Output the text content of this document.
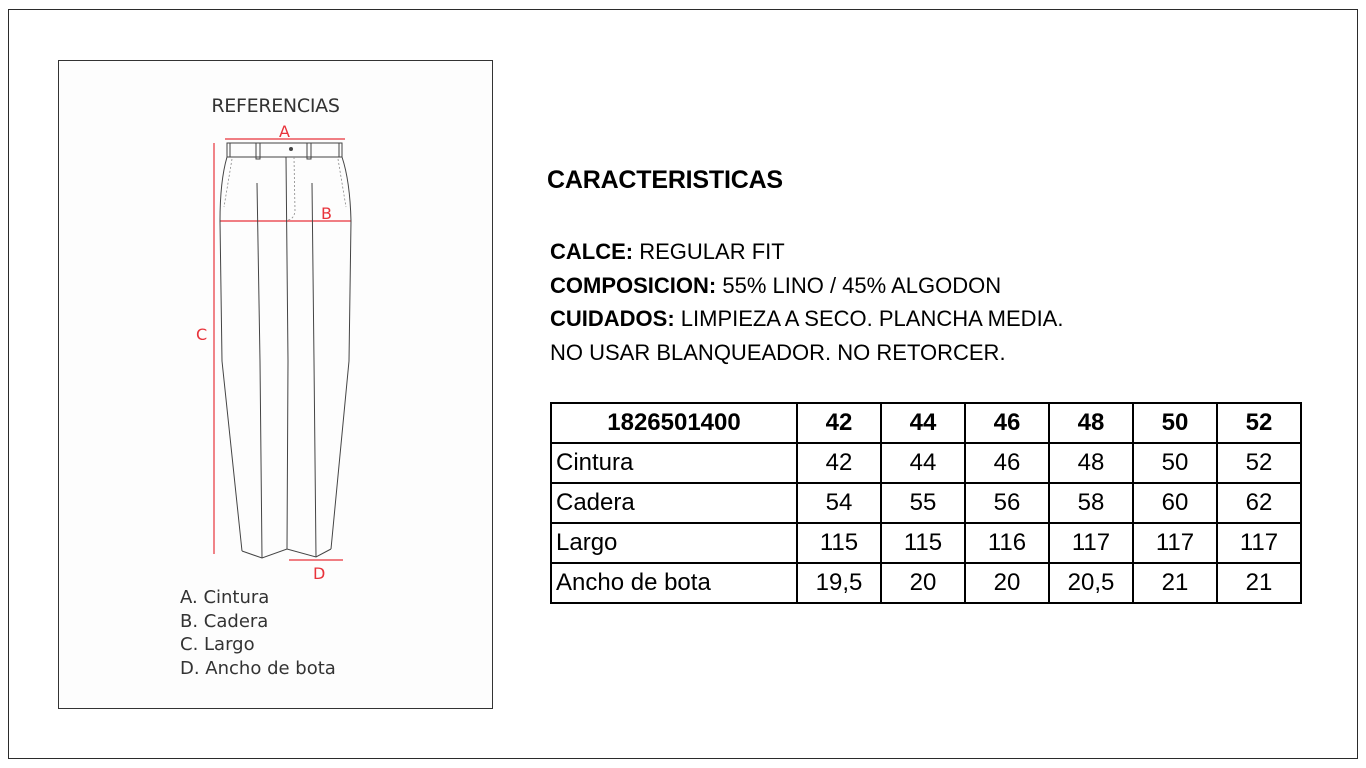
REFERENCIAS
A
B
C
D
A. Cintura
B. Cadera
C. Largo
D. Ancho de bota
CARACTERISTICAS
CALCE: REGULAR FIT
COMPOSICION: 55% LINO / 45% ALGODON
CUIDADOS: LIMPIEZA A SECO. PLANCHA MEDIA.
NO USAR BLANQUEADOR. NO RETORCER.
1826501400	42	44	46	48	50	52
Cintura	42	44	46	48	50	52
Cadera	54	55	56	58	60	62
Largo	115	115	116	117	117	117
Ancho de bota	19,5	20	20	20,5	21	21
